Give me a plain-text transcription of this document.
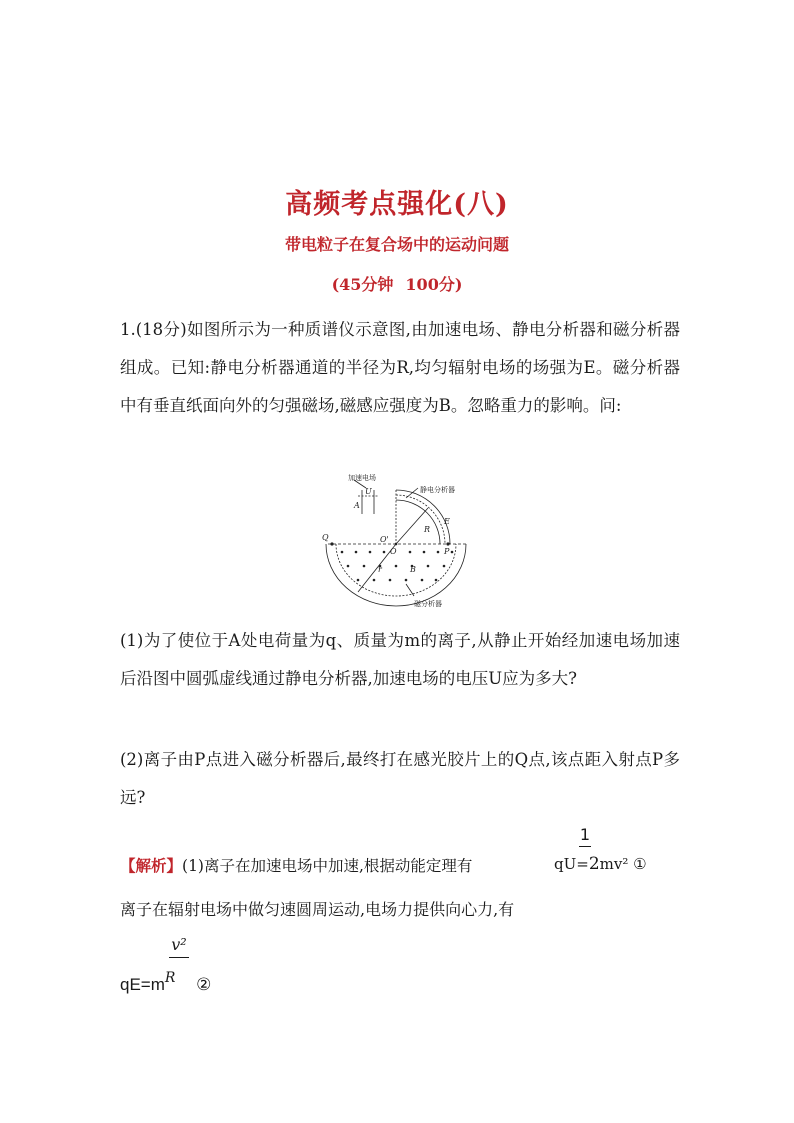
高频考点强化(八)
带电粒子在复合场中的运动问题
(45分钟 100分)
1.(18分)如图所示为一种质谱仪示意图,由加速电场、静电分析器和磁分析器组成。已知:静电分析器通道的半径为R,均匀辐射电场的场强为E。磁分析器中有垂直纸面向外的匀强磁场,磁感应强度为B。忽略重力的影响。问:
加速电场
U
A
静电分析器
E
R
Q	O'
O	P
r	B
磁分析器
(1)为了使位于A处电荷量为q、质量为m的离子,从静止开始经加速电场加速后沿图中圆弧虚线通过静电分析器,加速电场的电压U应为多大?
(2)离子由P点进入磁分析器后,最终打在感光胶片上的Q点,该点距入射点P多远?
【解析】(1)离子在加速电场中加速,根据动能定理有
1
qU=2mv² ①
离子在辐射电场中做匀速圆周运动,电场力提供向心力,有
v²
$qE=m^R$ ②
